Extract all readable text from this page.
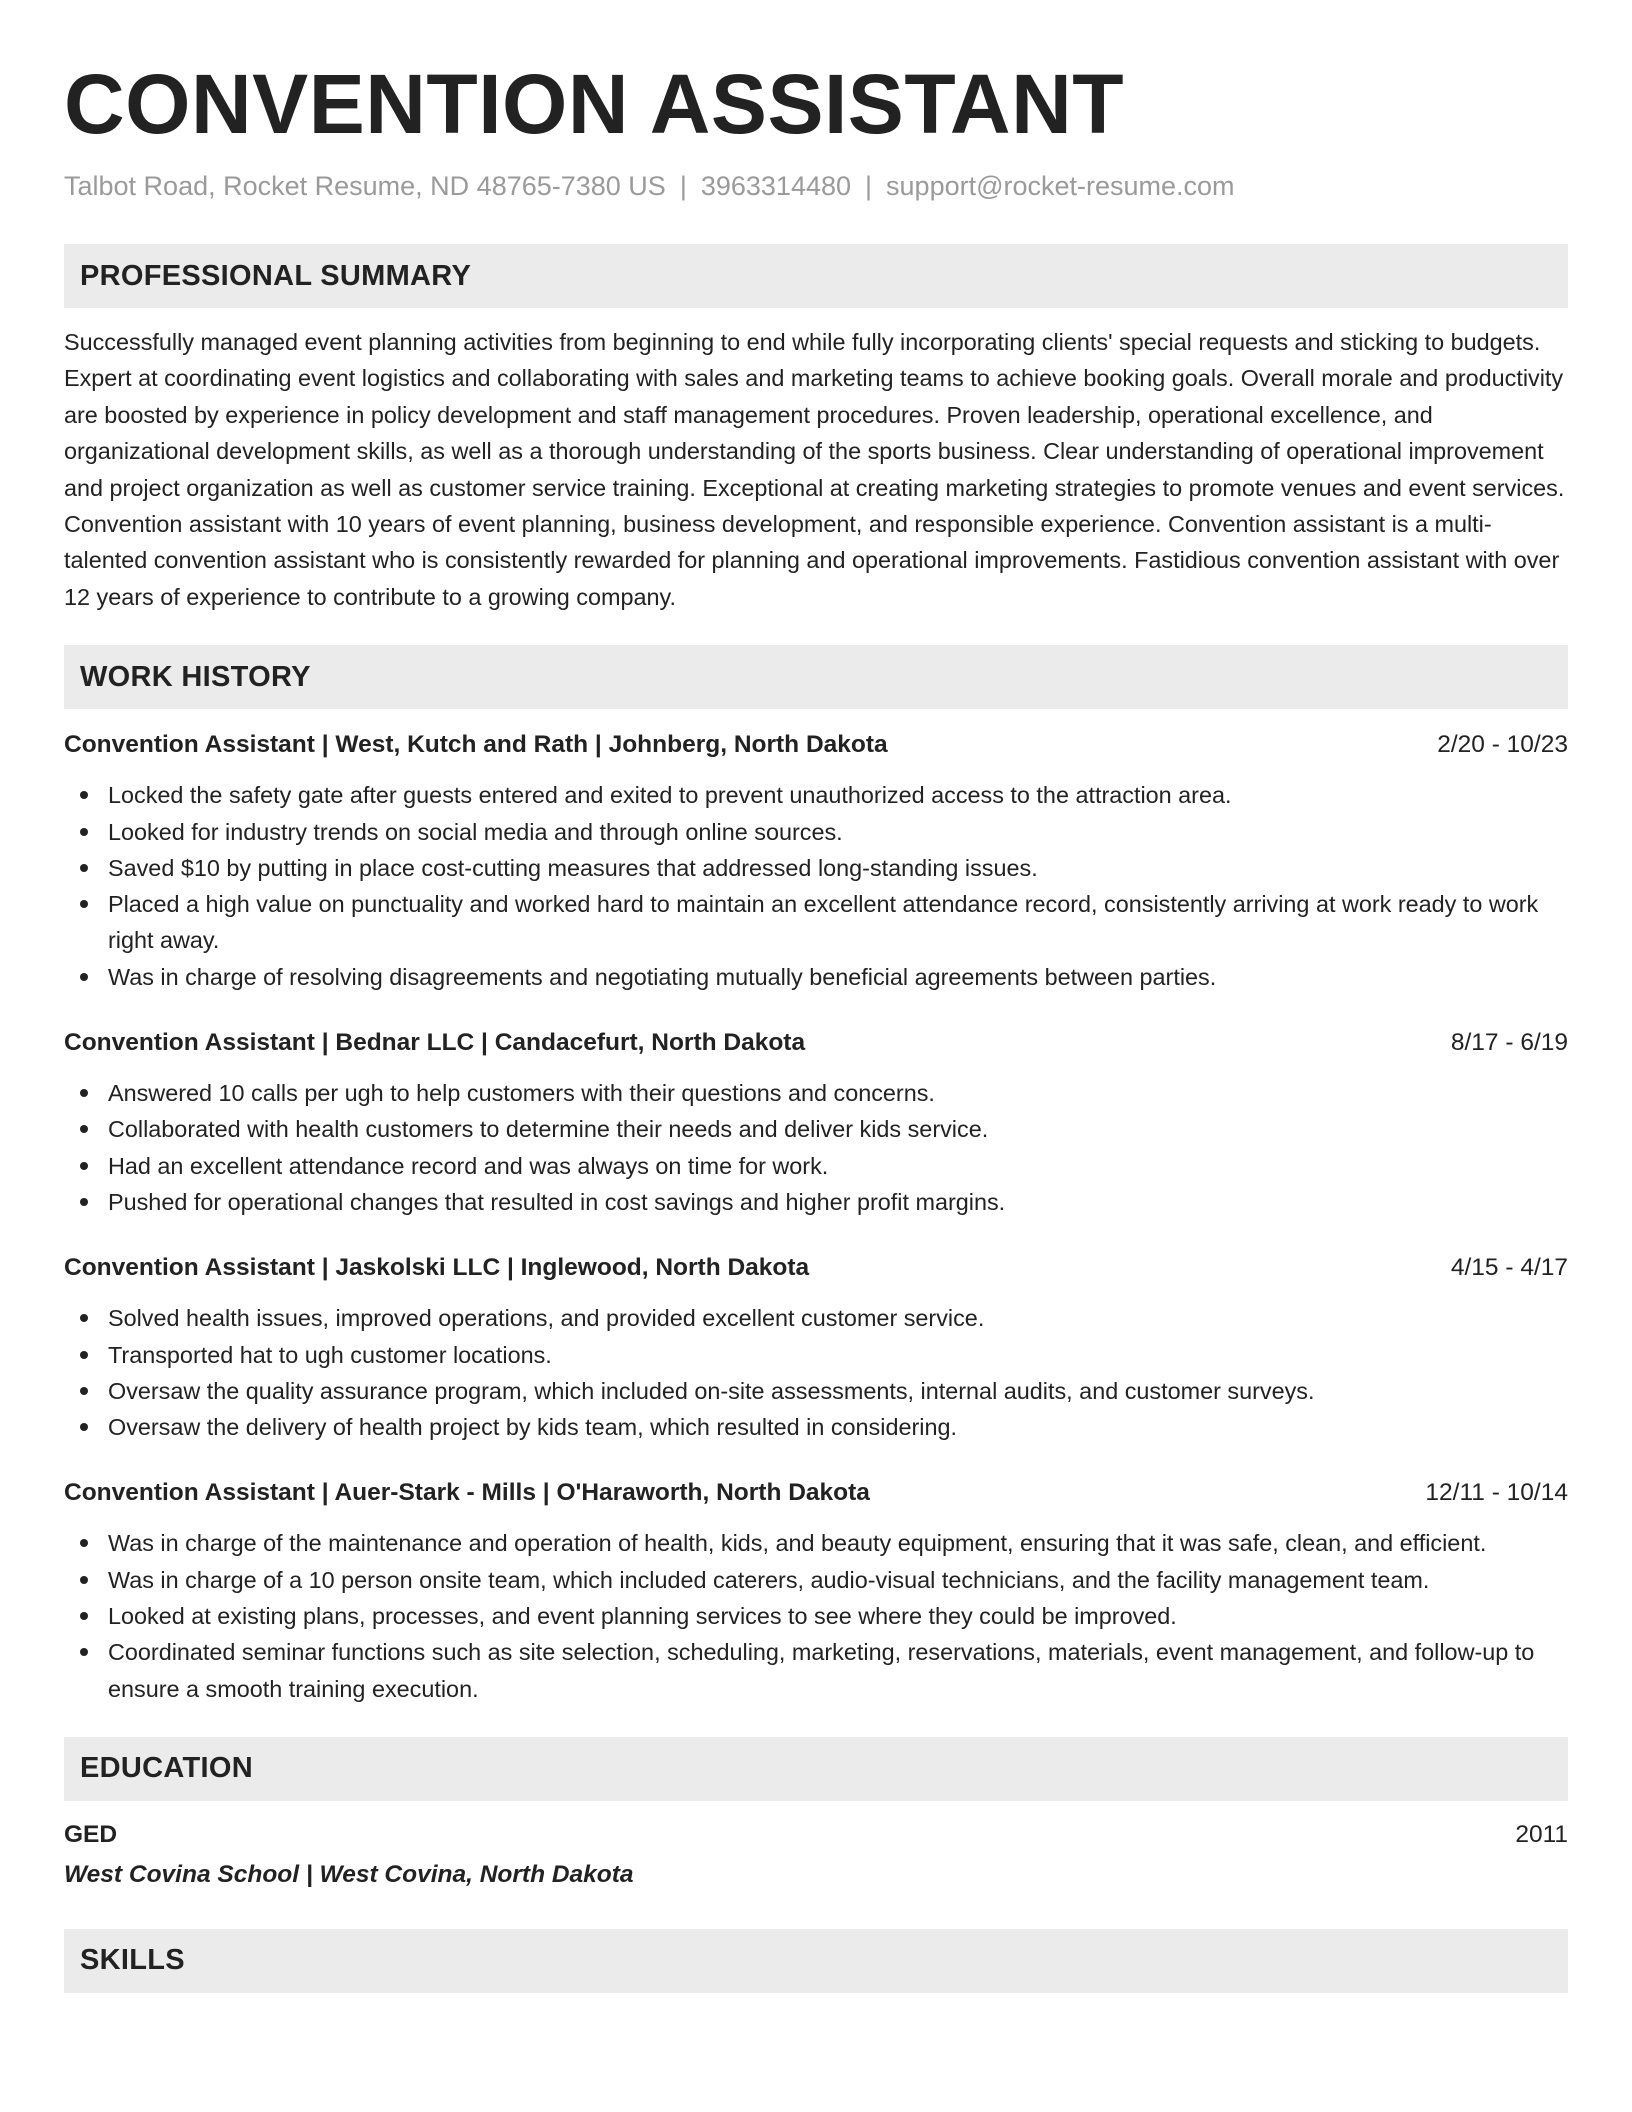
CONVENTION ASSISTANT
Talbot Road, Rocket Resume, ND 48765-7380 US | 3963314480 | support@rocket-resume.com
PROFESSIONAL SUMMARY
Successfully managed event planning activities from beginning to end while fully incorporating clients' special requests and sticking to budgets. Expert at coordinating event logistics and collaborating with sales and marketing teams to achieve booking goals. Overall morale and productivity are boosted by experience in policy development and staff management procedures. Proven leadership, operational excellence, and organizational development skills, as well as a thorough understanding of the sports business. Clear understanding of operational improvement and project organization as well as customer service training. Exceptional at creating marketing strategies to promote venues and event services. Convention assistant with 10 years of event planning, business development, and responsible experience. Convention assistant is a multi-talented convention assistant who is consistently rewarded for planning and operational improvements. Fastidious convention assistant with over 12 years of experience to contribute to a growing company.
WORK HISTORY
Convention Assistant | West, Kutch and Rath | Johnberg, North Dakota	2/20 - 10/23
Locked the safety gate after guests entered and exited to prevent unauthorized access to the attraction area.
Looked for industry trends on social media and through online sources.
Saved $10 by putting in place cost-cutting measures that addressed long-standing issues.
Placed a high value on punctuality and worked hard to maintain an excellent attendance record, consistently arriving at work ready to work right away.
Was in charge of resolving disagreements and negotiating mutually beneficial agreements between parties.
Convention Assistant | Bednar LLC | Candacefurt, North Dakota	8/17 - 6/19
Answered 10 calls per ugh to help customers with their questions and concerns.
Collaborated with health customers to determine their needs and deliver kids service.
Had an excellent attendance record and was always on time for work.
Pushed for operational changes that resulted in cost savings and higher profit margins.
Convention Assistant | Jaskolski LLC | Inglewood, North Dakota	4/15 - 4/17
Solved health issues, improved operations, and provided excellent customer service.
Transported hat to ugh customer locations.
Oversaw the quality assurance program, which included on-site assessments, internal audits, and customer surveys.
Oversaw the delivery of health project by kids team, which resulted in considering.
Convention Assistant | Auer-Stark - Mills | O'Haraworth, North Dakota	12/11 - 10/14
Was in charge of the maintenance and operation of health, kids, and beauty equipment, ensuring that it was safe, clean, and efficient.
Was in charge of a 10 person onsite team, which included caterers, audio-visual technicians, and the facility management team.
Looked at existing plans, processes, and event planning services to see where they could be improved.
Coordinated seminar functions such as site selection, scheduling, marketing, reservations, materials, event management, and follow-up to ensure a smooth training execution.
EDUCATION
GED	2011
West Covina School | West Covina, North Dakota
SKILLS
